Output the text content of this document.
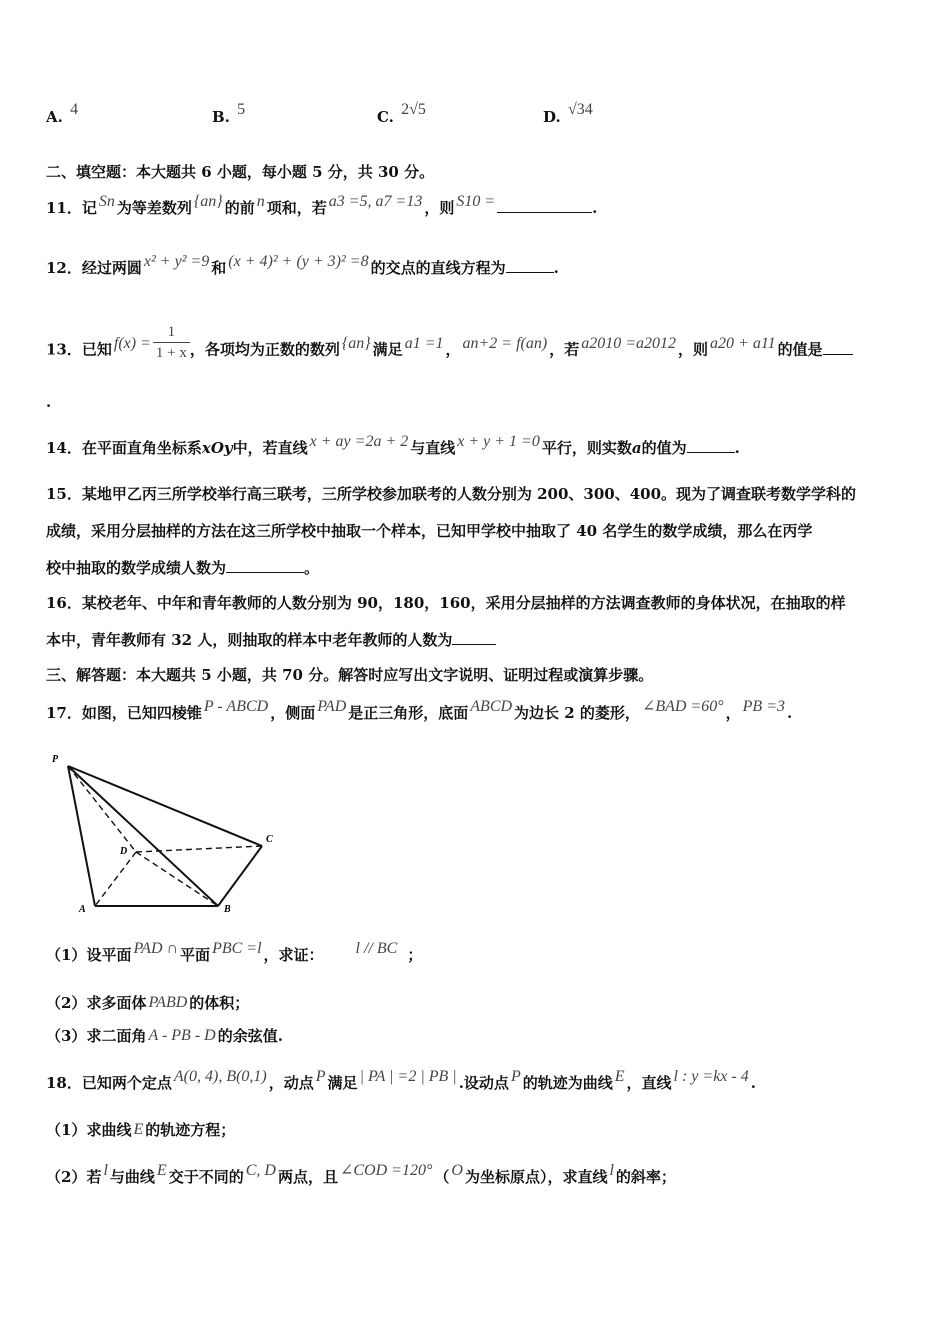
A. 4	B. 5	C. 2√5	D. √34
二、填空题：本大题共 6 小题，每小题 5 分，共 30 分。
11．记 Sn 为等差数列 {an} 的前 n 项和，若 a3 =5, a7 =13 ，则 S10 =	.
12．经过两圆 x² + y² =9 和 (x + 4)² + (y + 3)² =8 的交点的直线方程为	.
13．已知 $f(x) = \frac{1}{1 + x}$ ，各项均为正数的数列 {an} 满足 a1 =1 ， an+2 = f(an) ，若 a2010 =a2012 ，则 a20 + a11 的值是
.
14．在平面直角坐标系xOy中，若直线 x + ay =2a + 2 与直线 x + y + 1 =0 平行，则实数a的值为	.
15．某地甲乙丙三所学校举行高三联考，三所学校参加联考的人数分别为 200、300、400。现为了调查联考数学学科的
成绩，采用分层抽样的方法在这三所学校中抽取一个样本，已知甲学校中抽取了 40 名学生的数学成绩，那么在丙学
校中抽取的数学成绩人数为	。
16．某校老年、中年和青年教师的人数分别为 90，180，160，采用分层抽样的方法调查教师的身体状况，在抽取的样
本中，青年教师有 32 人，则抽取的样本中老年教师的人数为
三、解答题：本大题共 5 小题，共 70 分。解答时应写出文字说明、证明过程或演算步骤。
17．如图，已知四棱锥 P - ABCD ，侧面 PAD 是正三角形，底面 ABCD 为边长 2 的菱形， ∠BAD =60° ， PB =3 .
P
A	B
C
D
（1）设平面 PAD ∩ 平面 PBC =l ，求证： l // BC ；
（2）求多面体 PABD 的体积；
（3）求二面角 A - PB - D 的余弦值.
18．已知两个定点 A(0, 4), B(0,1) ，动点 P 满足 | PA | =2 | PB | .设动点 P 的轨迹为曲线 E ，直线 l : y =kx - 4 .
（1）求曲线 E 的轨迹方程；
（2）若 l 与曲线 E 交于不同的 C, D 两点，且 ∠COD =120° （ O 为坐标原点），求直线 l 的斜率；
